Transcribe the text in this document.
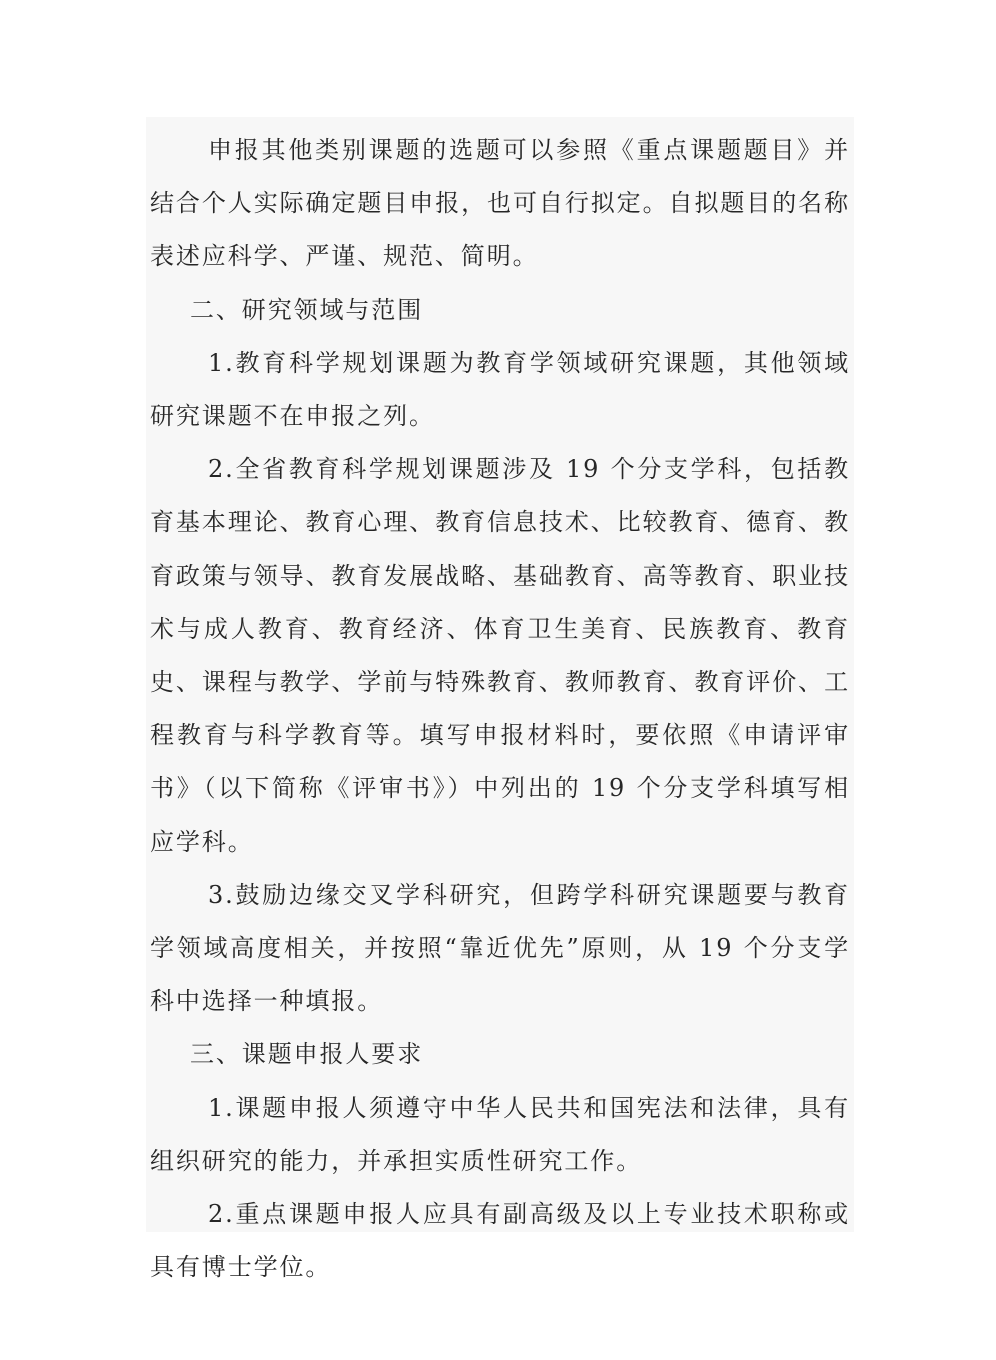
申报其他类别课题的选题可以参照《重点课题题目》并结合个人实际确定题目申报，也可自行拟定。自拟题目的名称表述应科学、严谨、规范、简明。

二、研究领域与范围

1.教育科学规划课题为教育学领域研究课题，其他领域研究课题不在申报之列。

2.全省教育科学规划课题涉及 19 个分支学科，包括教育基本理论、教育心理、教育信息技术、比较教育、德育、教育政策与领导、教育发展战略、基础教育、高等教育、职业技术与成人教育、教育经济、体育卫生美育、民族教育、教育史、课程与教学、学前与特殊教育、教师教育、教育评价、工程教育与科学教育等。填写申报材料时，要依照《申请评审书》（以下简称《评审书》）中列出的 19 个分支学科填写相应学科。

3.鼓励边缘交叉学科研究，但跨学科研究课题要与教育学领域高度相关，并按照“靠近优先”原则，从 19 个分支学科中选择一种填报。

三、课题申报人要求

1.课题申报人须遵守中华人民共和国宪法和法律，具有组织研究的能力，并承担实质性研究工作。

2.重点课题申报人应具有副高级及以上专业技术职称或具有博士学位。
